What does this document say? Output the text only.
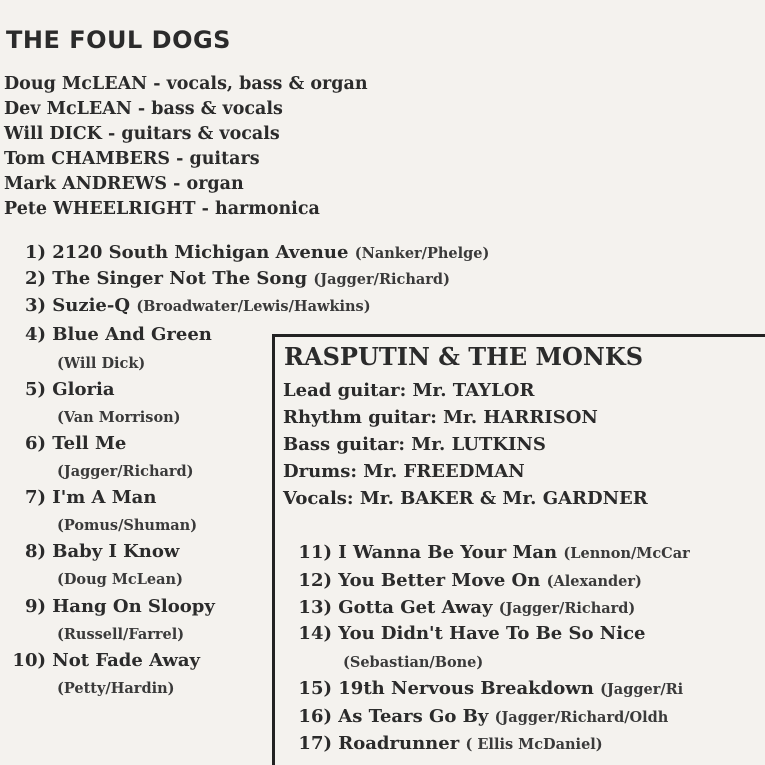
THE FOUL DOGS
Doug McLEAN - vocals, bass & organ
Dev McLEAN - bass & vocals
Will DICK - guitars & vocals
Tom CHAMBERS - guitars
Mark ANDREWS - organ
Pete WHEELRIGHT - harmonica
1) 2120 South Michigan Avenue (Nanker/Phelge)
2) The Singer Not The Song (Jagger/Richard)
3) Suzie-Q (Broadwater/Lewis/Hawkins)
4) Blue And Green
(Will Dick)
5) Gloria
(Van Morrison)
6) Tell Me
(Jagger/Richard)
7) I'm A Man
(Pomus/Shuman)
8) Baby I Know
(Doug McLean)
9) Hang On Sloopy
(Russell/Farrel)
10) Not Fade Away
(Petty/Hardin)
RASPUTIN & THE MONKS
Lead guitar: Mr. TAYLOR
Rhythm guitar: Mr. HARRISON
Bass guitar: Mr. LUTKINS
Drums: Mr. FREEDMAN
Vocals: Mr. BAKER & Mr. GARDNER
11) I Wanna Be Your Man (Lennon/McCar
12) You Better Move On (Alexander)
13) Gotta Get Away (Jagger/Richard)
14) You Didn't Have To Be So Nice
(Sebastian/Bone)
15) 19th Nervous Breakdown (Jagger/Ri
16) As Tears Go By (Jagger/Richard/Oldh
17) Roadrunner ( Ellis McDaniel)
